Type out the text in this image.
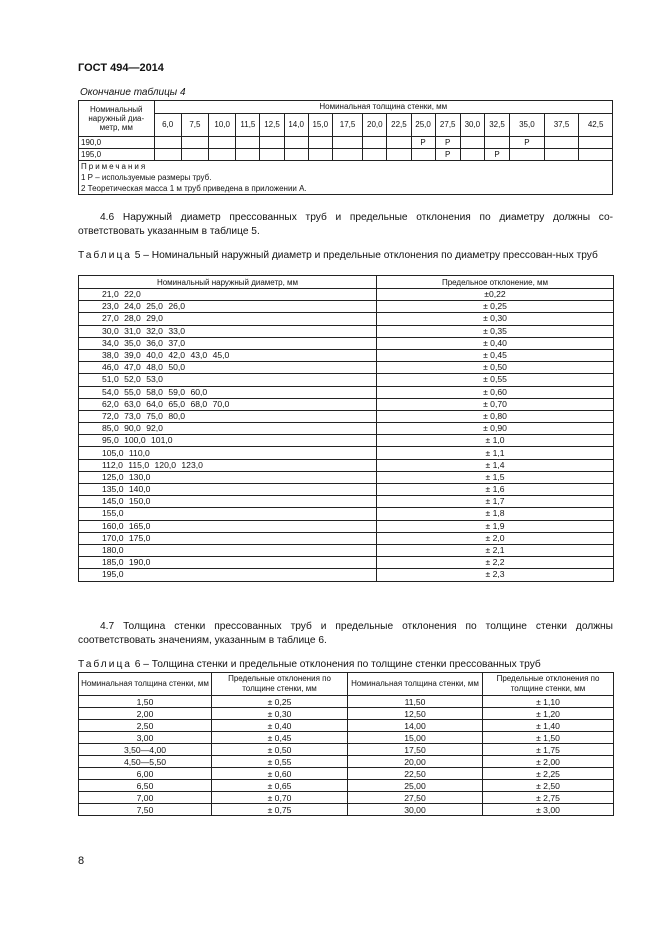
ГОСТ 494—2014
Окончание таблицы 4
Номинальный наружный диа-метр, мм	Номинальная толщина стенки, мм																
	6,0	7,5	10,0	11,5	12,5	14,0	15,0	17,5	20,0	22,5	25,0	27,5	30,0	32,5	35,0	37,5	42,5
190,0											Р	Р			Р		
195,0												Р		Р			
Примечания																	
1 Р – используемые размеры труб.																	
2 Теоретическая масса 1 м труб приведена в приложении А.																	
4.6 Наружный диаметр прессованных труб и предельные отклонения по диаметру должны со-ответствовать указанным в таблице 5.
Таблица 5 – Номинальный наружный диаметр и предельные отклонения по диаметру прессован-ных труб
Номинальный наружный диаметр, мм	Предельное отклонение, мм
21,0 22,0	±0,22
23,0 24,0 25,0 26,0	± 0,25
27,0 28,0 29,0	± 0,30
30,0 31,0 32,0 33,0	± 0,35
34,0 35,0 36,0 37,0	± 0,40
38,0 39,0 40,0 42,0 43,0 45,0	± 0,45
46,0 47,0 48,0 50,0	± 0,50
51,0 52,0 53,0	± 0,55
54,0 55,0 58,0 59,0 60,0	± 0,60
62,0 63,0 64,0 65,0 68,0 70,0	± 0,70
72,0 73,0 75,0 80,0	± 0,80
85,0 90,0 92,0	± 0,90
95,0 100,0 101,0	± 1,0
105,0 110,0	± 1,1
112,0 115,0 120,0 123,0	± 1,4
125,0 130,0	± 1,5
135,0 140,0	± 1,6
145,0 150,0	± 1,7
155,0	± 1,8
160,0 165,0	± 1,9
170,0 175,0	± 2,0
180,0	± 2,1
185,0 190,0	± 2,2
195,0	± 2,3
4.7 Толщина стенки прессованных труб и предельные отклонения по толщине стенки должны соответствовать значениям, указанным в таблице 6.
Таблица 6 – Толщина стенки и предельные отклонения по толщине стенки прессованных труб
Номинальная толщина стенки, мм	Предельные отклонения по толщине стенки, мм	Номинальная толщина стенки, мм	Предельные отклонения по толщине стенки, мм
1,50	± 0,25	11,50	± 1,10
2,00	± 0,30	12,50	± 1,20
2,50	± 0,40	14,00	± 1,40
3,00	± 0,45	15,00	± 1,50
3,50—4,00	± 0,50	17,50	± 1,75
4,50—5,50	± 0,55	20,00	± 2,00
6,00	± 0,60	22,50	± 2,25
6,50	± 0,65	25,00	± 2,50
7,00	± 0,70	27,50	± 2,75
7,50	± 0,75	30,00	± 3,00
8
